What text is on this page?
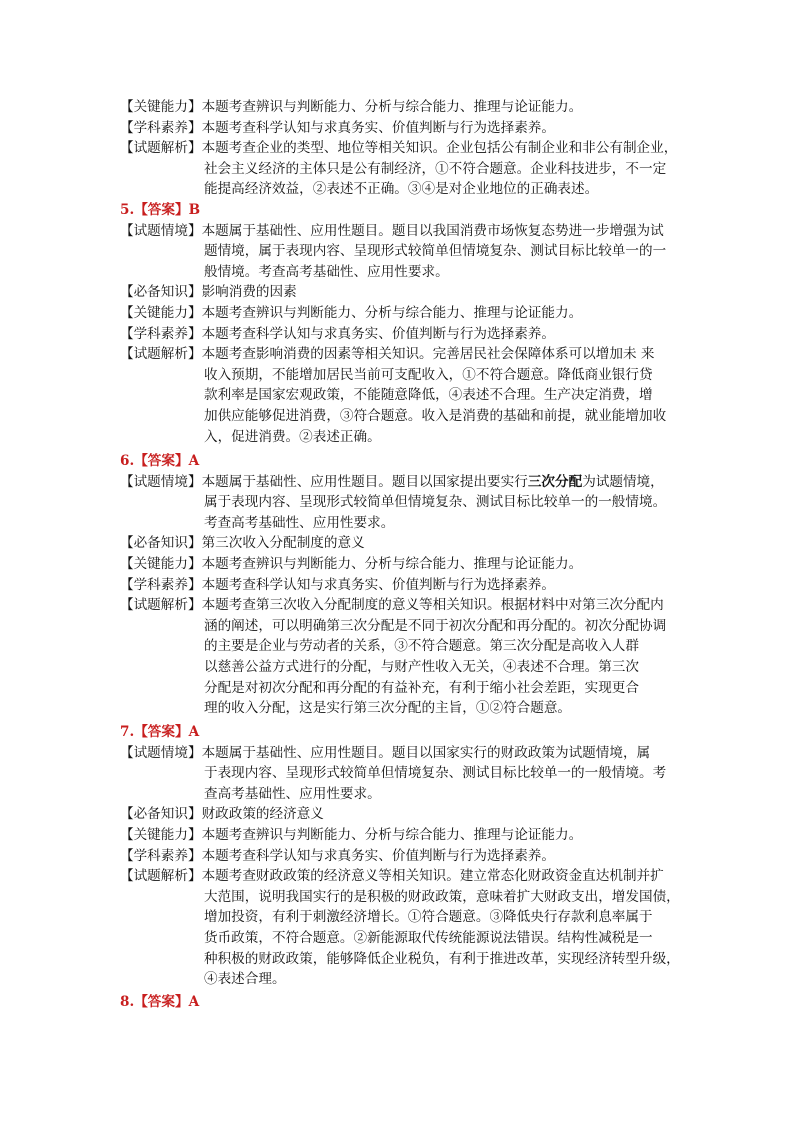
【关键能力】本题考查辨识与判断能力、分析与综合能力、推理与论证能力。
【学科素养】本题考查科学认知与求真务实、价值判断与行为选择素养。
【试题解析】本题考查企业的类型、地位等相关知识。企业包括公有制企业和非公有制企业，
社会主义经济的主体只是公有制经济，①不符合题意。企业科技进步，不一定
能提高经济效益，②表述不正确。③④是对企业地位的正确表述。
5.【答案】B
【试题情境】本题属于基础性、应用性题目。题目以我国消费市场恢复态势进一步增强为试
题情境，属于表现内容、呈现形式较简单但情境复杂、测试目标比较单一的一
般情境。考查高考基础性、应用性要求。
【必备知识】影响消费的因素
【关键能力】本题考查辨识与判断能力、分析与综合能力、推理与论证能力。
【学科素养】本题考查科学认知与求真务实、价值判断与行为选择素养。
【试题解析】本题考查影响消费的因素等相关知识。完善居民社会保障体系可以增加未 来
收入预期，不能增加居民当前可支配收入，①不符合题意。降低商业银行贷
款利率是国家宏观政策，不能随意降低，④表述不合理。生产决定消费，增
加供应能够促进消费，③符合题意。收入是消费的基础和前提，就业能增加收
入，促进消费。②表述正确。
6.【答案】A
【试题情境】本题属于基础性、应用性题目。题目以国家提出要实行三次分配为试题情境，
属于表现内容、呈现形式较简单但情境复杂、测试目标比较单一的一般情境。
考查高考基础性、应用性要求。
【必备知识】第三次收入分配制度的意义
【关键能力】本题考查辨识与判断能力、分析与综合能力、推理与论证能力。
【学科素养】本题考查科学认知与求真务实、价值判断与行为选择素养。
【试题解析】本题考查第三次收入分配制度的意义等相关知识。根据材料中对第三次分配内
涵的阐述，可以明确第三次分配是不同于初次分配和再分配的。初次分配协调
的主要是企业与劳动者的关系，③不符合题意。第三次分配是高收入人群
以慈善公益方式进行的分配，与财产性收入无关，④表述不合理。第三次
分配是对初次分配和再分配的有益补充，有利于缩小社会差距，实现更合
理的收入分配，这是实行第三次分配的主旨，①②符合题意。
7.【答案】A
【试题情境】本题属于基础性、应用性题目。题目以国家实行的财政政策为试题情境，属
于表现内容、呈现形式较简单但情境复杂、测试目标比较单一的一般情境。考
查高考基础性、应用性要求。
【必备知识】财政政策的经济意义
【关键能力】本题考查辨识与判断能力、分析与综合能力、推理与论证能力。
【学科素养】本题考查科学认知与求真务实、价值判断与行为选择素养。
【试题解析】本题考查财政政策的经济意义等相关知识。建立常态化财政资金直达机制并扩
大范围，说明我国实行的是积极的财政政策，意味着扩大财政支出，增发国债，
增加投资，有利于刺激经济增长。①符合题意。③降低央行存款利息率属于
货币政策，不符合题意。②新能源取代传统能源说法错误。结构性减税是一
种积极的财政政策，能够降低企业税负，有利于推进改革，实现经济转型升级，
④表述合理。
8.【答案】A
